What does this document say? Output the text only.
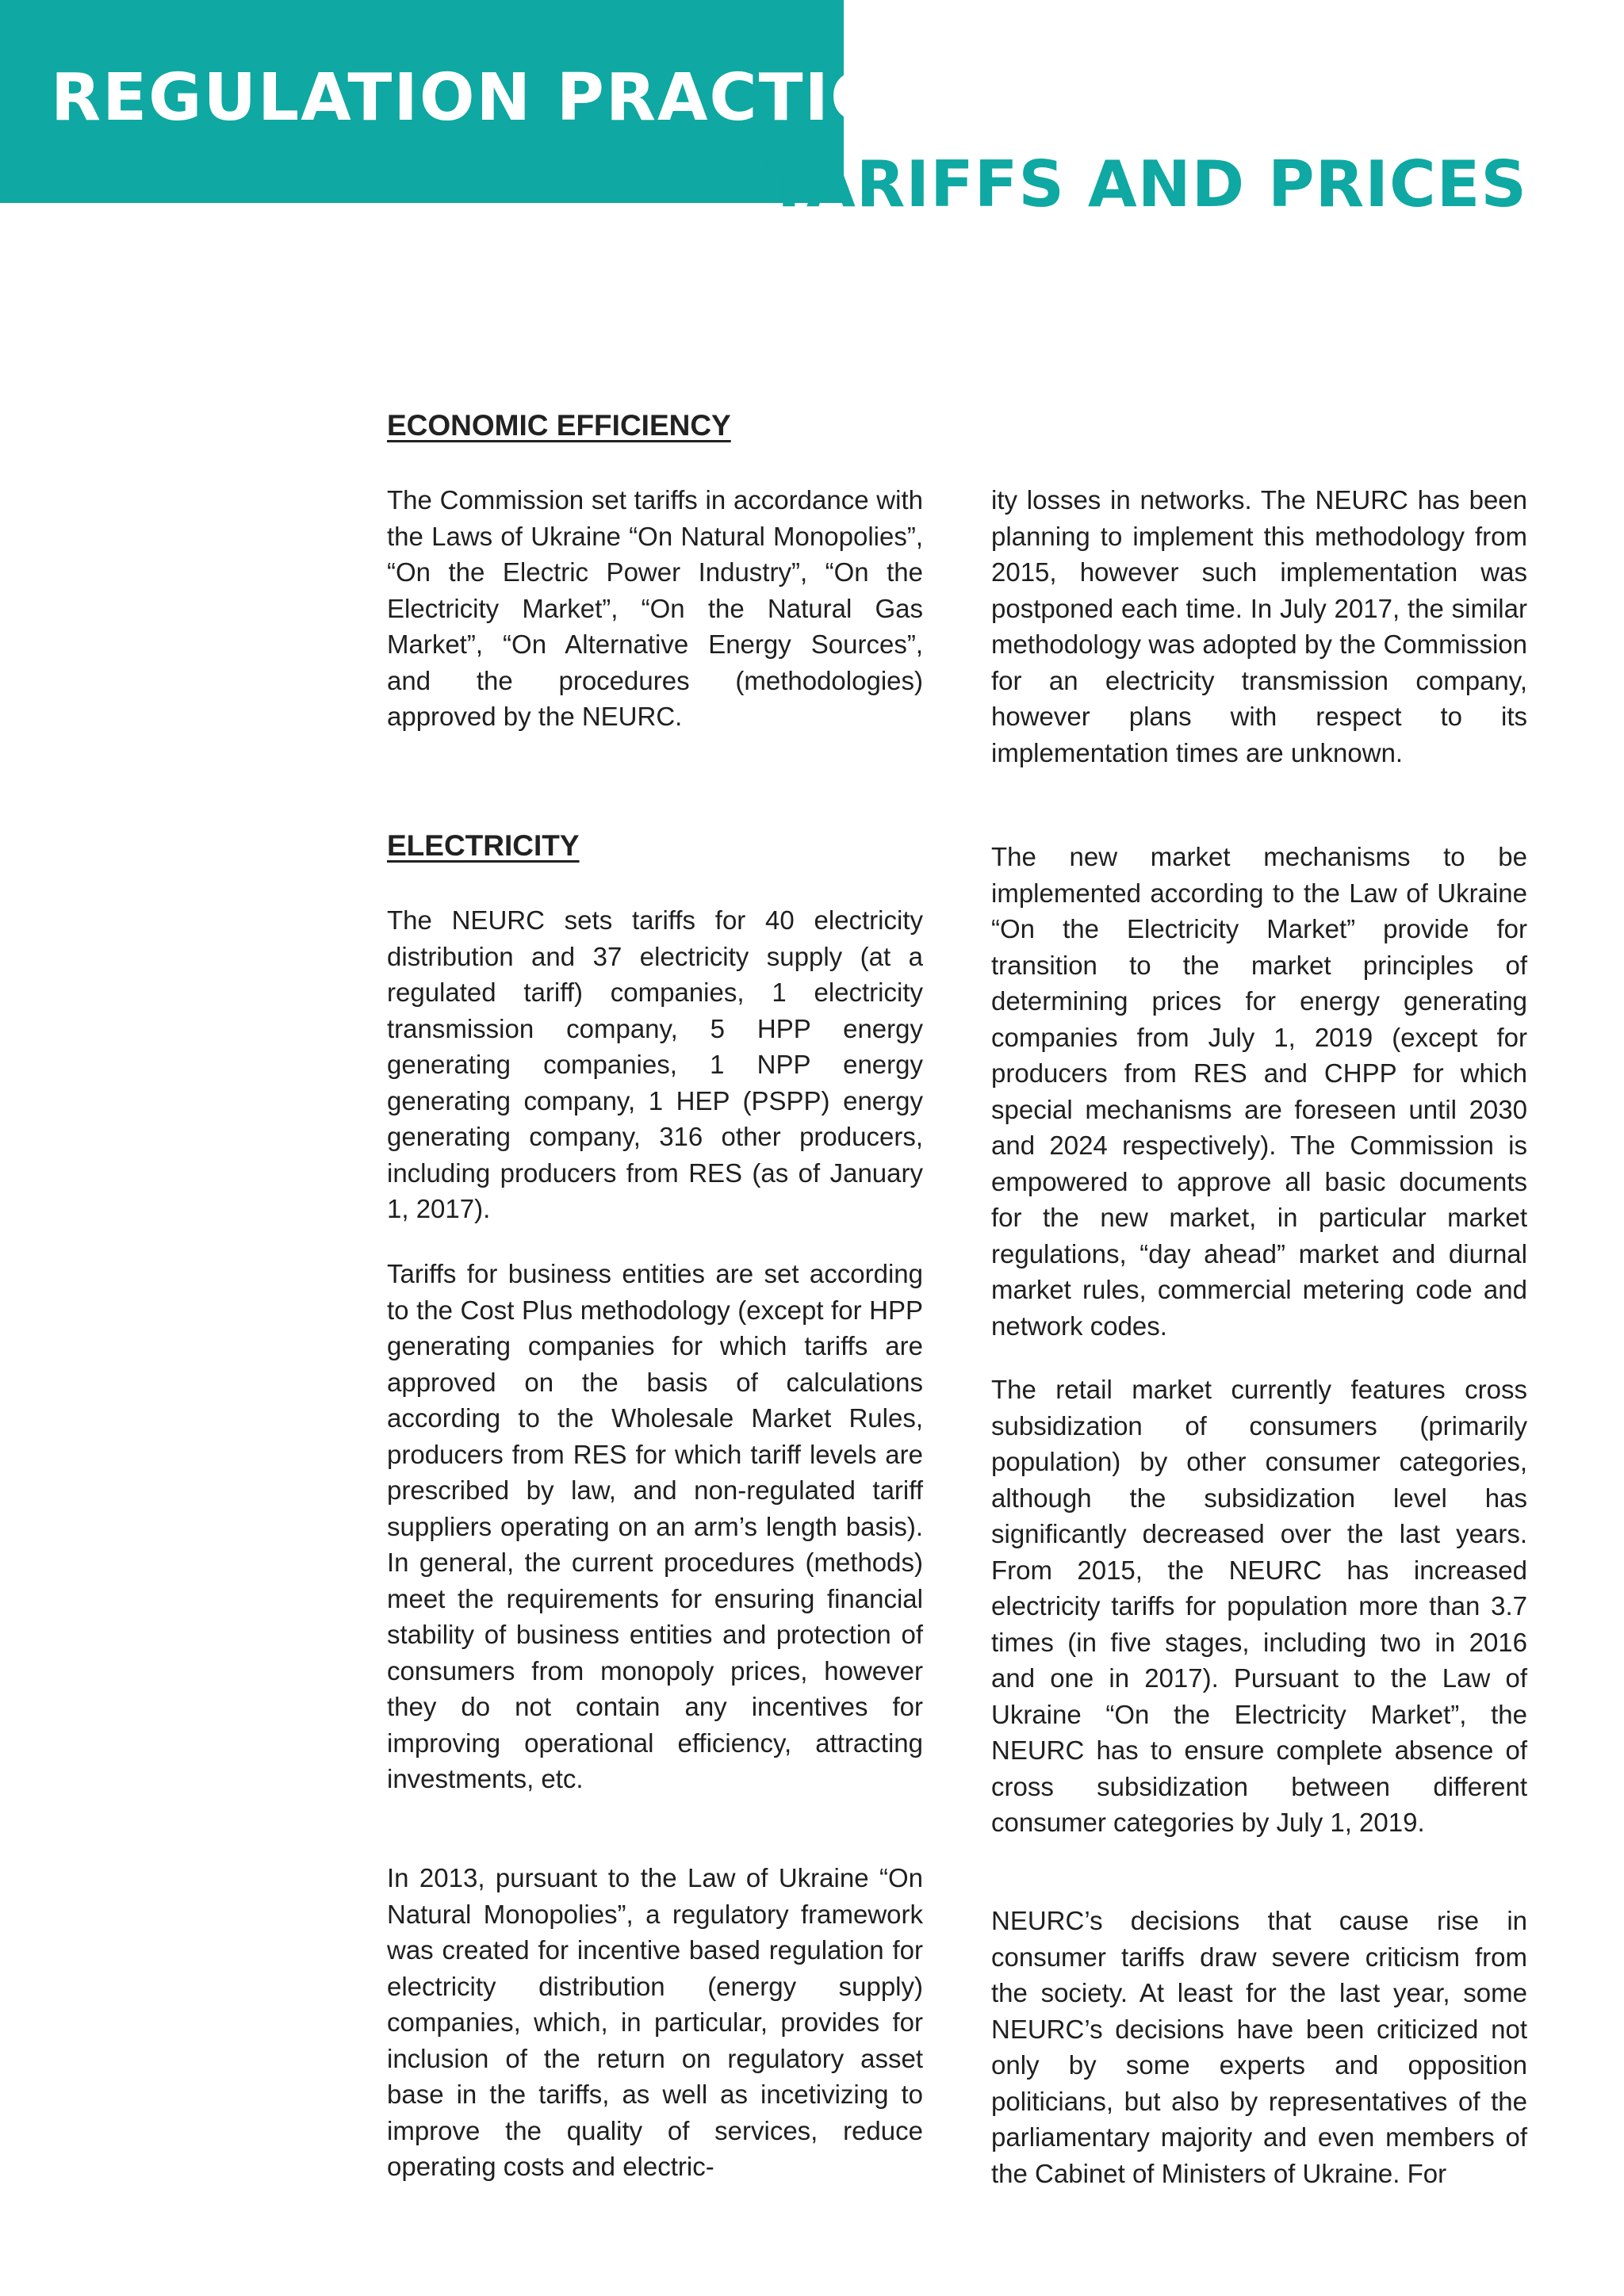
REGULATION PRACTICE
TARIFFS AND PRICES
ECONOMIC EFFICIENCY

The Commission set tariffs in accordance with the Laws of Ukraine “On Natural Monopolies”, “On the Electric Power Industry”, “On the Electricity Market”, “On the Natural Gas Market”, “On Alternative Energy Sources”, and the procedures (methodologies) approved by the NEURC.

ELECTRICITY

The NEURC sets tariffs for 40 electricity distribution and 37 electricity supply (at a regulated tariff) companies, 1 electricity transmission company, 5 HPP energy generating companies, 1 NPP energy generating company, 1 HEP (PSPP) energy generating company, 316 other producers, including producers from RES (as of January 1, 2017).

Tariffs for business entities are set according to the Cost Plus methodology (except for HPP generating companies for which tariffs are approved on the basis of calculations according to the Wholesale Market Rules, producers from RES for which tariff levels are prescribed by law, and non-regulated tariff suppliers operating on an arm’s length basis). In general, the current procedures (methods) meet the requirements for ensuring financial stability of business entities and protection of consumers from monopoly prices, however they do not contain any incentives for improving operational efficiency, attracting investments, etc.

In 2013, pursuant to the Law of Ukraine “On Natural Monopolies”, a regulatory framework was created for incentive based regulation for electricity distribution (energy supply) companies, which, in particular, provides for inclusion of the return on regulatory asset base in the tariffs, as well as incetivizing to improve the quality of services, reduce operating costs and electric-

ity losses in networks. The NEURC has been planning to implement this methodology from 2015, however such implementation was postponed each time. In July 2017, the similar methodology was adopted by the Commission for an electricity transmission company, however plans with respect to its implementation times are unknown.

The new market mechanisms to be implemented according to the Law of Ukraine “On the Electricity Market” provide for transition to the market principles of determining prices for energy generating companies from July 1, 2019 (except for producers from RES and CHPP for which special mechanisms are foreseen until 2030 and 2024 respectively). The Commission is empowered to approve all basic documents for the new market, in particular market regulations, “day ahead” market and diurnal market rules, commercial metering code and network codes.

The retail market currently features cross subsidization of consumers (primarily population) by other consumer categories, although the subsidization level has significantly decreased over the last years. From 2015, the NEURC has increased electricity tariffs for population more than 3.7 times (in five stages, including two in 2016 and one in 2017). Pursuant to the Law of Ukraine “On the Electricity Market”, the NEURC has to ensure complete absence of cross subsidization between different consumer categories by July 1, 2019.

NEURC’s decisions that cause rise in consumer tariffs draw severe criticism from the society. At least for the last year, some NEURC’s decisions have been criticized not only by some experts and opposition politicians, but also by representatives of the parliamentary majority and even members of the Cabinet of Ministers of Ukraine. For
